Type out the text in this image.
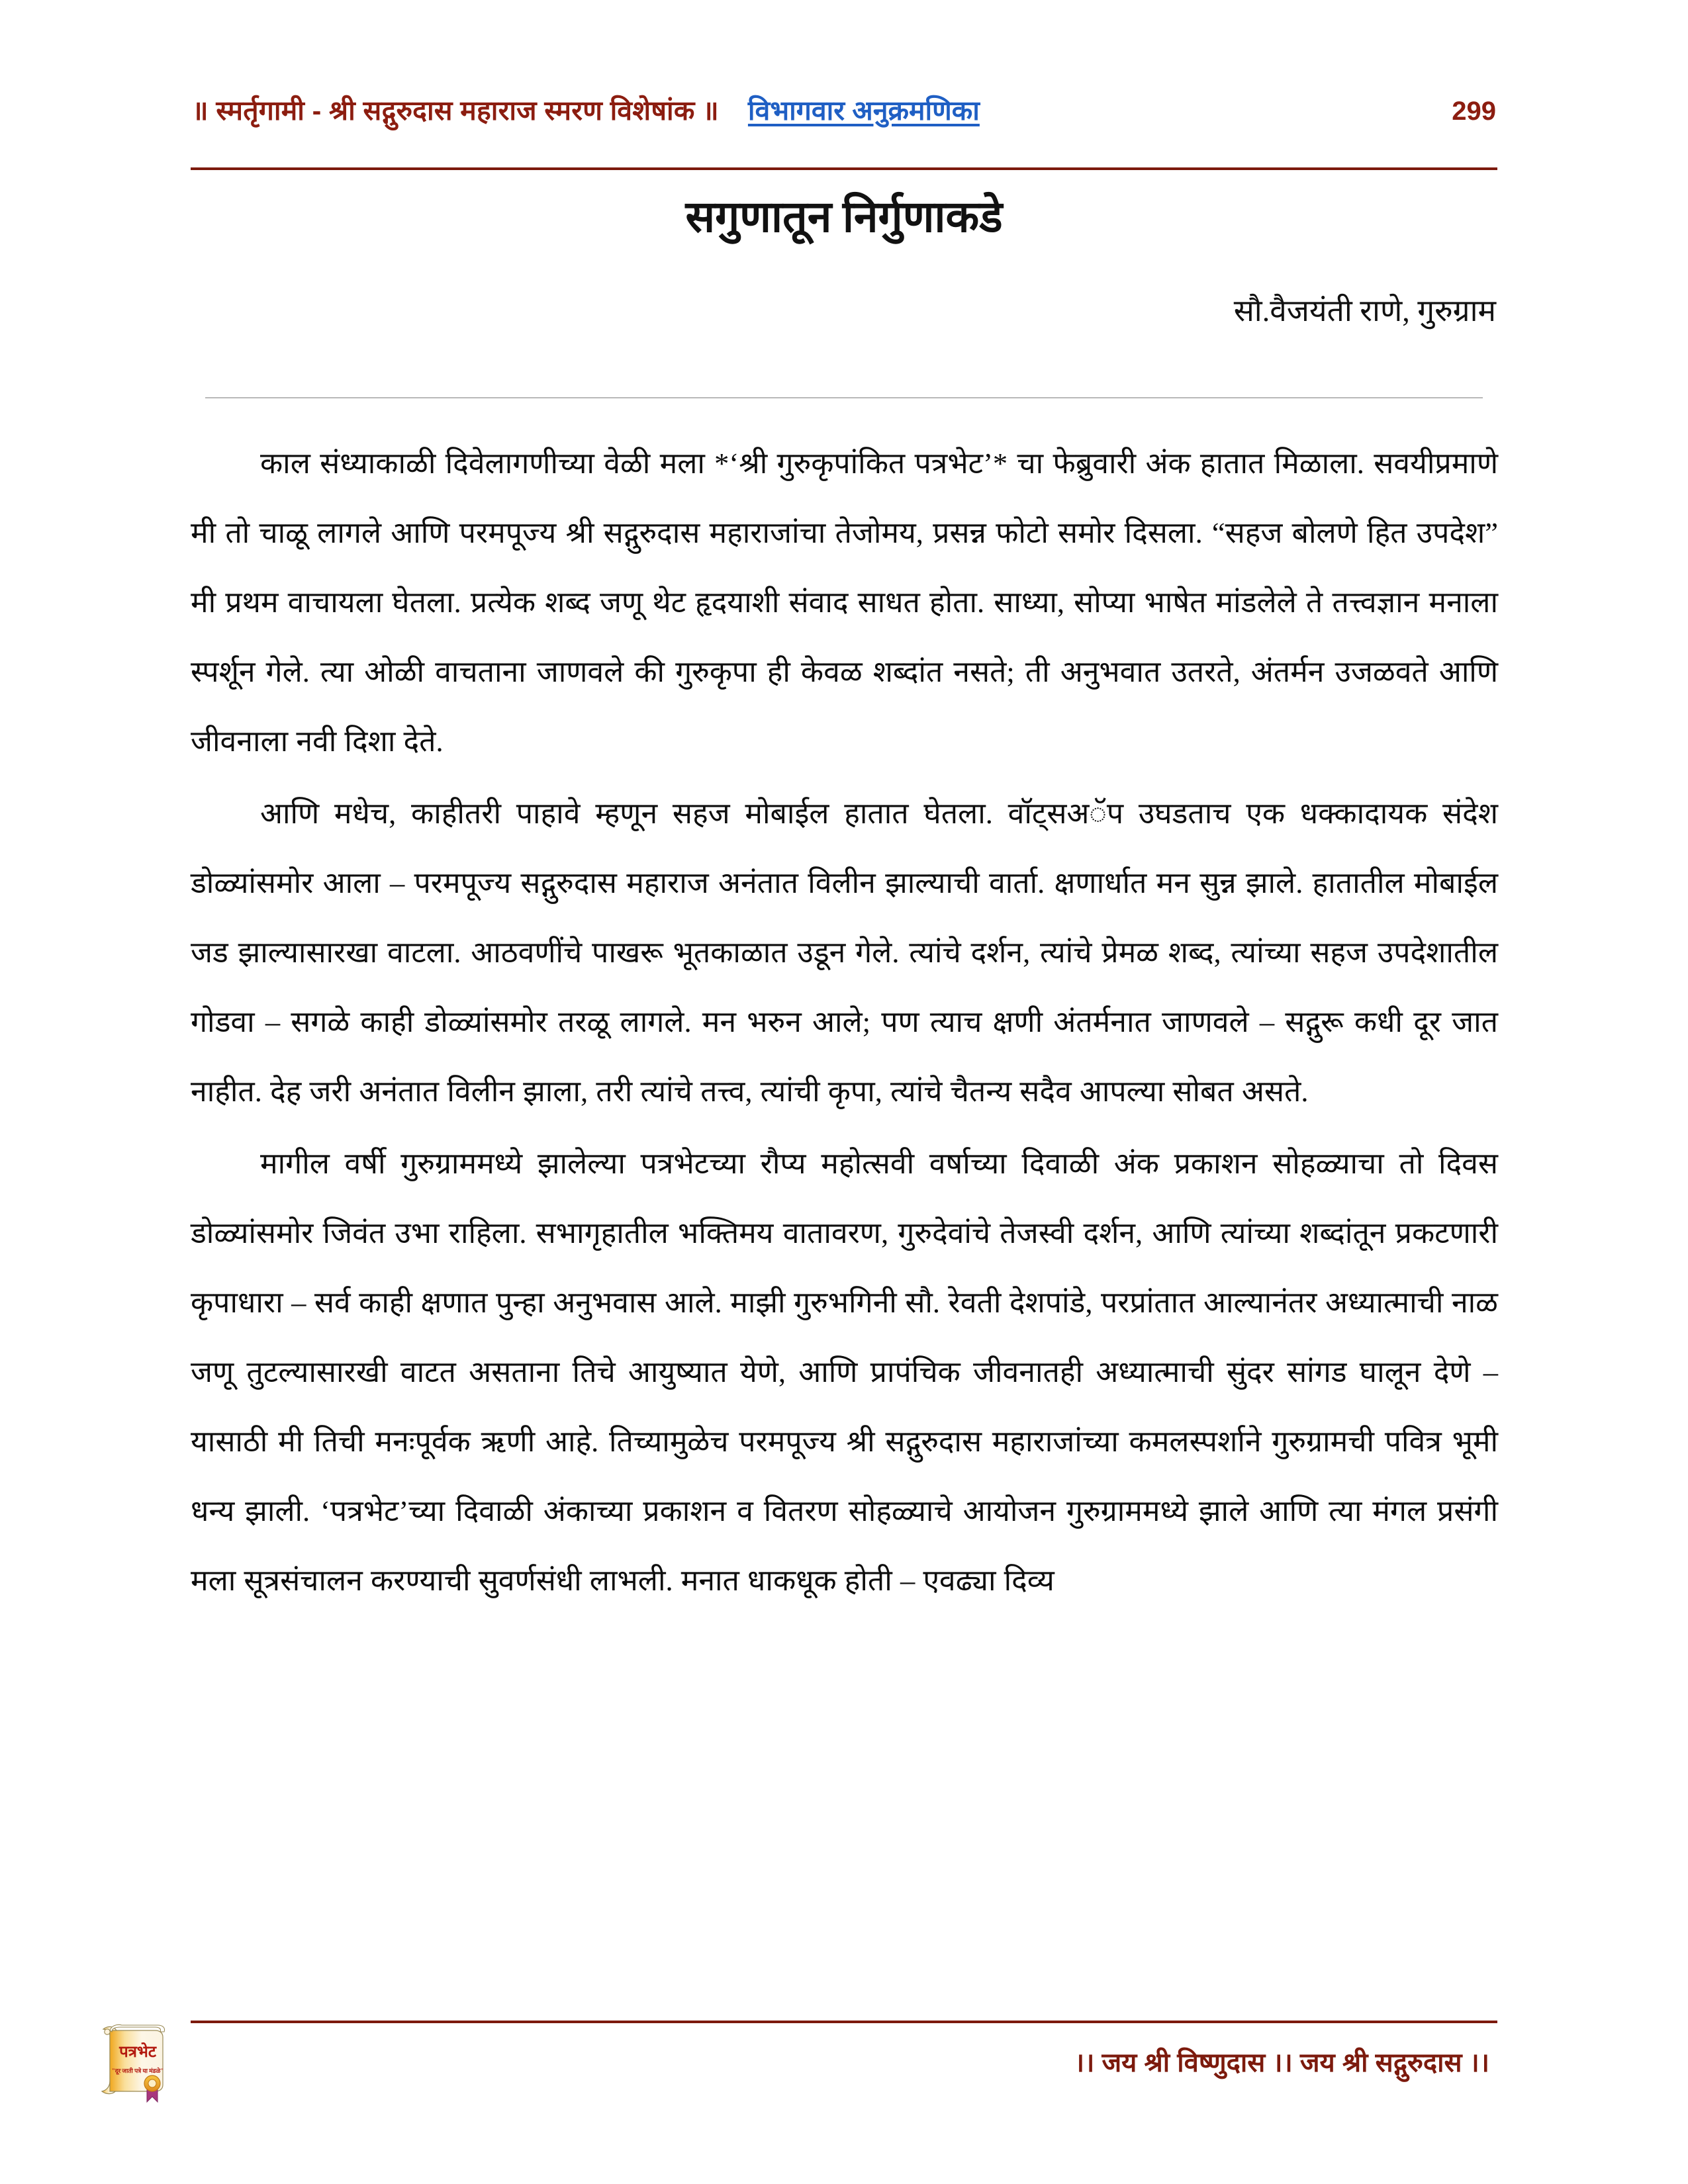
॥ स्मर्तृगामी - श्री सद्गुरुदास महाराज स्मरण विशेषांक ॥ विभागवार अनुक्रमणिका	299
सगुणातून निर्गुणाकडे
सौ.वैजयंती राणे, गुरुग्राम

काल संध्याकाळी दिवेलागणीच्या वेळी मला *‘श्री गुरुकृपांकित पत्रभेट’* चा फेब्रुवारी अंक हातात मिळाला. सवयीप्रमाणे मी तो चाळू लागले आणि परमपूज्य श्री सद्गुरुदास महाराजांचा तेजोमय, प्रसन्न फोटो समोर दिसला. “सहज बोलणे हित उपदेश” मी प्रथम वाचायला घेतला. प्रत्येक शब्द जणू थेट हृदयाशी संवाद साधत होता. साध्या, सोप्या भाषेत मांडलेले ते तत्त्वज्ञान मनाला स्पर्शून गेले. त्या ओळी वाचताना जाणवले की गुरुकृपा ही केवळ शब्दांत नसते; ती अनुभवात उतरते, अंतर्मन उजळवते आणि जीवनाला नवी दिशा देते.

आणि मधेच, काहीतरी पाहावे म्हणून सहज मोबाईल हातात घेतला. वॉट्सअॅप उघडताच एक धक्कादायक संदेश डोळ्यांसमोर आला – परमपूज्य सद्गुरुदास महाराज अनंतात विलीन झाल्याची वार्ता. क्षणार्धात मन सुन्न झाले. हातातील मोबाईल जड झाल्यासारखा वाटला. आठवणींचे पाखरू भूतकाळात उडून गेले. त्यांचे दर्शन, त्यांचे प्रेमळ शब्द, त्यांच्या सहज उपदेशातील गोडवा – सगळे काही डोळ्यांसमोर तरळू लागले. मन भरुन आले; पण त्याच क्षणी अंतर्मनात जाणवले – सद्गुरू कधी दूर जात नाहीत. देह जरी अनंतात विलीन झाला, तरी त्यांचे तत्त्व, त्यांची कृपा, त्यांचे चैतन्य सदैव आपल्या सोबत असते.

मागील वर्षी गुरुग्राममध्ये झालेल्या पत्रभेटच्या रौप्य महोत्सवी वर्षाच्या दिवाळी अंक प्रकाशन सोहळ्याचा तो दिवस डोळ्यांसमोर जिवंत उभा राहिला. सभागृहातील भक्तिमय वातावरण, गुरुदेवांचे तेजस्वी दर्शन, आणि त्यांच्या शब्दांतून प्रकटणारी कृपाधारा – सर्व काही क्षणात पुन्हा अनुभवास आले. माझी गुरुभगिनी सौ. रेवती देशपांडे, परप्रांतात आल्यानंतर अध्यात्माची नाळ जणू तुटल्यासारखी वाटत असताना तिचे आयुष्यात येणे, आणि प्रापंचिक जीवनातही अध्यात्माची सुंदर सांगड घालून देणे – यासाठी मी तिची मनःपूर्वक ऋणी आहे. तिच्यामुळेच परमपूज्य श्री सद्गुरुदास महाराजांच्या कमलस्पर्शाने गुरुग्रामची पवित्र भूमी धन्य झाली. ‘पत्रभेट’च्या दिवाळी अंकाच्या प्रकाशन व वितरण सोहळ्याचे आयोजन गुरुग्राममध्ये झाले आणि त्या मंगल प्रसंगी मला सूत्रसंचालन करण्याची सुवर्णसंधी लाभली. मनात धाकधूक होती – एवढ्या दिव्य

।। जय श्री विष्णुदास ।। जय श्री सद्गुरुदास ।।
पत्रभेट
"दूर जाती पत्रे या मंडळे"
